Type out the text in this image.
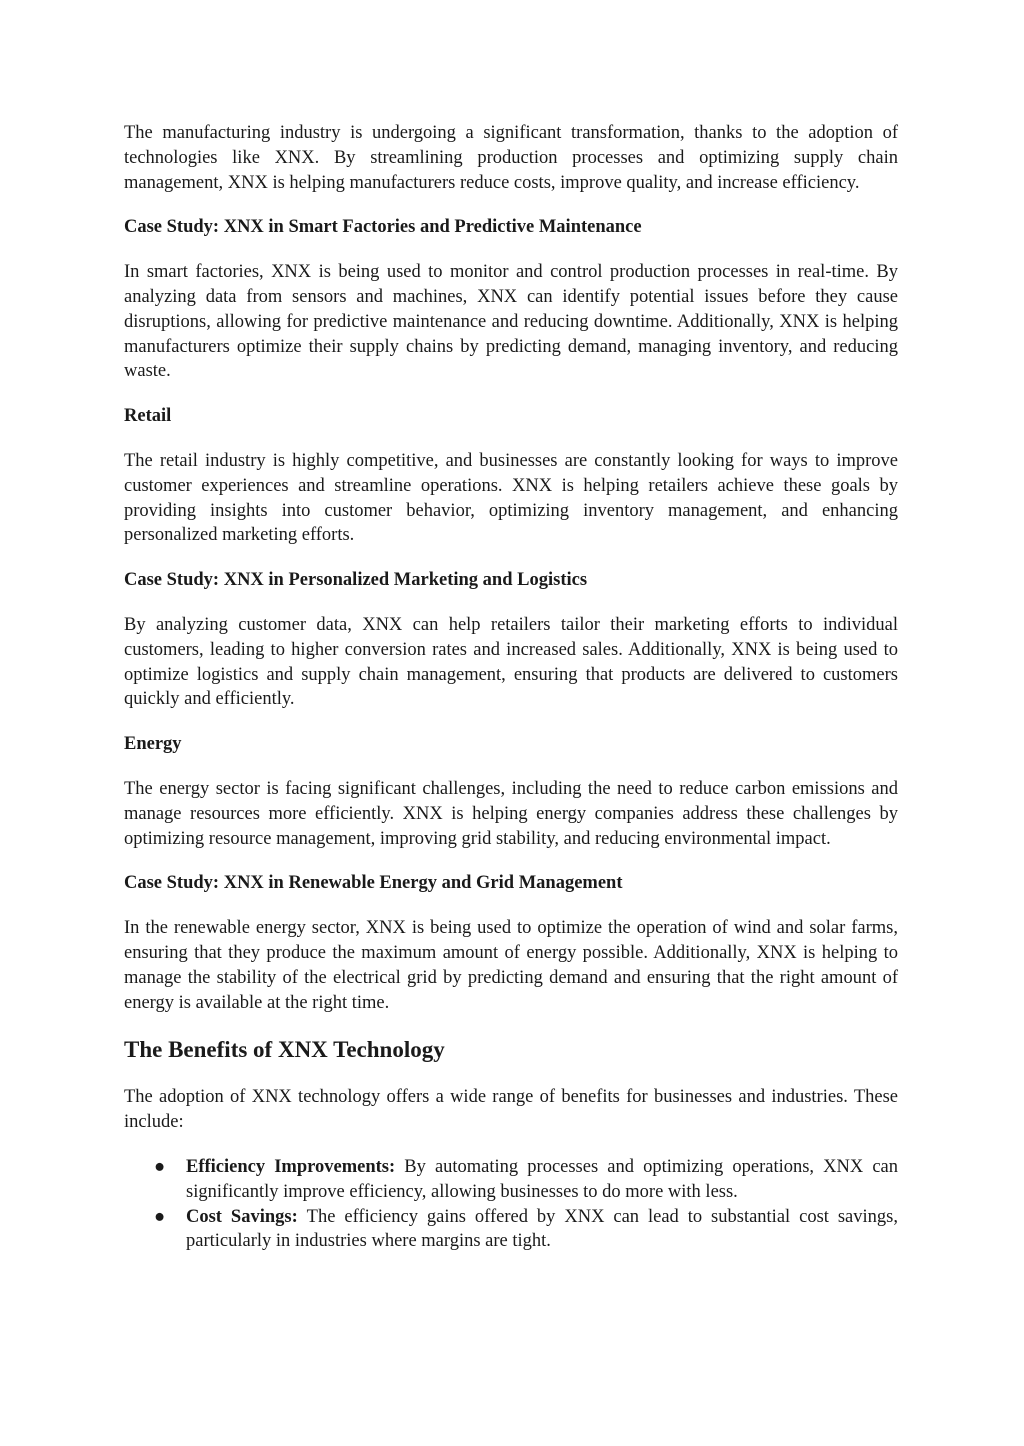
The manufacturing industry is undergoing a significant transformation, thanks to the adoption of technologies like XNX. By streamlining production processes and optimizing supply chain management, XNX is helping manufacturers reduce costs, improve quality, and increase efficiency.

Case Study: XNX in Smart Factories and Predictive Maintenance

In smart factories, XNX is being used to monitor and control production processes in real-time. By analyzing data from sensors and machines, XNX can identify potential issues before they cause disruptions, allowing for predictive maintenance and reducing downtime. Additionally, XNX is helping manufacturers optimize their supply chains by predicting demand, managing inventory, and reducing waste.

Retail

The retail industry is highly competitive, and businesses are constantly looking for ways to improve customer experiences and streamline operations. XNX is helping retailers achieve these goals by providing insights into customer behavior, optimizing inventory management, and enhancing personalized marketing efforts.

Case Study: XNX in Personalized Marketing and Logistics

By analyzing customer data, XNX can help retailers tailor their marketing efforts to individual customers, leading to higher conversion rates and increased sales. Additionally, XNX is being used to optimize logistics and supply chain management, ensuring that products are delivered to customers quickly and efficiently.

Energy

The energy sector is facing significant challenges, including the need to reduce carbon emissions and manage resources more efficiently. XNX is helping energy companies address these challenges by optimizing resource management, improving grid stability, and reducing environmental impact.

Case Study: XNX in Renewable Energy and Grid Management

In the renewable energy sector, XNX is being used to optimize the operation of wind and solar farms, ensuring that they produce the maximum amount of energy possible. Additionally, XNX is helping to manage the stability of the electrical grid by predicting demand and ensuring that the right amount of energy is available at the right time.

The Benefits of XNX Technology

The adoption of XNX technology offers a wide range of benefits for businesses and industries. These include:

● Efficiency Improvements: By automating processes and optimizing operations, XNX can significantly improve efficiency, allowing businesses to do more with less.
● Cost Savings: The efficiency gains offered by XNX can lead to substantial cost savings, particularly in industries where margins are tight.
